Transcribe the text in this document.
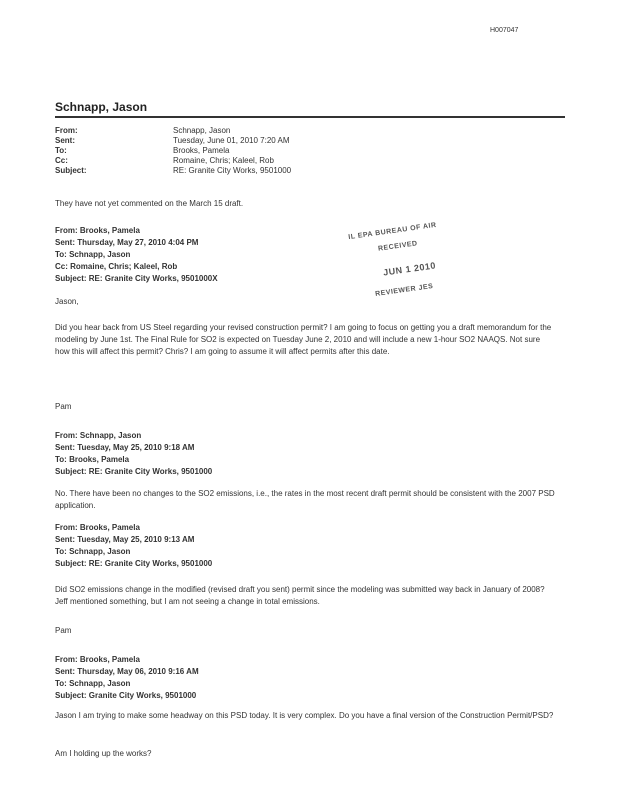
H007047
Schnapp, Jason
From:	Schnapp, Jason
Sent:	Tuesday, June 01, 2010 7:20 AM
To:	Brooks, Pamela
Cc:	Romaine, Chris; Kaleel, Rob
Subject:	RE: Granite City Works, 9501000
They have not yet commented on the March 15 draft.
From: Brooks, Pamela
Sent: Thursday, May 27, 2010 4:04 PM
To: Schnapp, Jason
Cc: Romaine, Chris; Kaleel, Rob
Subject: RE: Granite City Works, 9501000X
IL EPA BUREAU OF AIR
RECEIVED
JUN 1 2010
REVIEWER JES
Jason,
Did you hear back from US Steel regarding your revised construction permit? I am going to focus on getting you a draft memorandum for the modeling by June 1st. The Final Rule for SO2 is expected on Tuesday June 2, 2010 and will include a new 1-hour SO2 NAAQS. Not sure how this will affect this permit? Chris? I am going to assume it will affect permits after this date.
Pam
From: Schnapp, Jason
Sent: Tuesday, May 25, 2010 9:18 AM
To: Brooks, Pamela
Subject: RE: Granite City Works, 9501000
No. There have been no changes to the SO2 emissions, i.e., the rates in the most recent draft permit should be consistent with the 2007 PSD application.
From: Brooks, Pamela
Sent: Tuesday, May 25, 2010 9:13 AM
To: Schnapp, Jason
Subject: RE: Granite City Works, 9501000
Did SO2 emissions change in the modified (revised draft you sent) permit since the modeling was submitted way back in January of 2008? Jeff mentioned something, but I am not seeing a change in total emissions.
Pam
From: Brooks, Pamela
Sent: Thursday, May 06, 2010 9:16 AM
To: Schnapp, Jason
Subject: Granite City Works, 9501000
Jason I am trying to make some headway on this PSD today. It is very complex. Do you have a final version of the Construction Permit/PSD?
Am I holding up the works?
